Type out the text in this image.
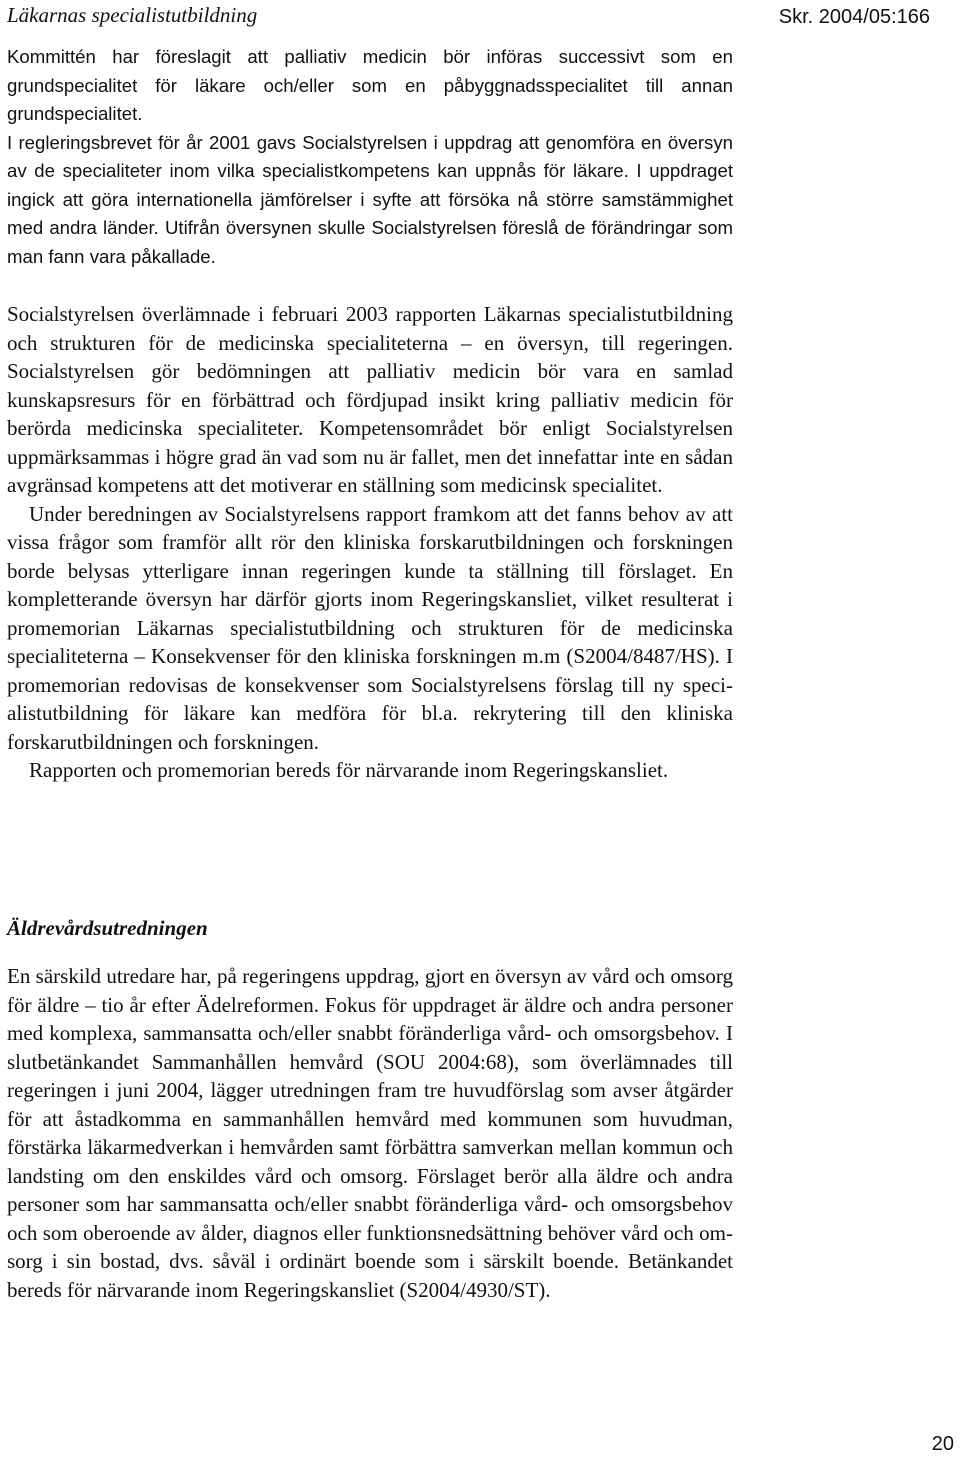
Läkarnas specialistutbildning	Skr. 2004/05:166

Kommittén har föreslagit att palliativ medicin bör införas successivt som en grundspecialitet för läkare och/eller som en påbyggnadsspecialitet till annan grundspecialitet.

I regleringsbrevet för år 2001 gavs Socialstyrelsen i uppdrag att genomföra en översyn av de specialiteter inom vilka specialistkompetens kan uppnås för läkare. I uppdraget ingick att göra internationella jämförelser i syfte att försöka nå större samstämmighet med andra länder. Utifrån översynen skulle Socialstyrelsen föreslå de förändringar som man fann vara påkallade.

Socialstyrelsen överlämnade i februari 2003 rapporten Läkarnas specialistutbildning och strukturen för de medicinska specialiteterna – en översyn, till regeringen. Socialstyrelsen gör bedömningen att palliativ medicin bör vara en samlad kunskapsresurs för en förbättrad och fördjupad insikt kring palliativ medicin för berörda medicinska specialiteter. Kompetensområdet bör enligt Socialstyrelsen uppmärksammas i högre grad än vad som nu är fallet, men det innefattar inte en sådan avgränsad kompetens att det motiverar en ställning som medicinsk specialitet.

Under beredningen av Socialstyrelsens rapport framkom att det fanns behov av att vissa frågor som framför allt rör den kliniska forskarutbildningen och forskningen borde belysas ytterligare innan regeringen kunde ta ställning till förslaget. En kompletterande översyn har därför gjorts inom Regeringskansliet, vilket resulterat i promemorian Läkarnas specialistutbildning och strukturen för de medicinska specialiteterna – Konsekvenser för den kliniska forskningen m.m (S2004/8487/HS). I promemorian redovisas de konsekvenser som Socialstyrelsens förslag till ny specialistutbildning för läkare kan medföra för bl.a. rekrytering till den kliniska forskarutbildningen och forskningen.

Rapporten och promemorian bereds för närvarande inom Regeringskansliet.

Äldrevårdsutredningen

En särskild utredare har, på regeringens uppdrag, gjort en översyn av vård och omsorg för äldre – tio år efter Ädelreformen. Fokus för uppdraget är äldre och andra personer med komplexa, sammansatta och/eller snabbt föränderliga vård- och omsorgsbehov. I slutbetänkandet Sammanhållen hemvård (SOU 2004:68), som överlämnades till regeringen i juni 2004, lägger utredningen fram tre huvudförslag som avser åtgärder för att åstadkomma en sammanhållen hemvård med kommunen som huvudman, förstärka läkarmedverkan i hemvården samt förbättra samverkan mellan kommun och landsting om den enskildes vård och omsorg. Förslaget berör alla äldre och andra personer som har sammansatta och/eller snabbt föränderliga vård- och omsorgsbehov och som oberoende av ålder, diagnos eller funktionsnedsättning behöver vård och omsorg i sin bostad, dvs. såväl i ordinärt boende som i särskilt boende. Betänkandet bereds för närvarande inom Regeringskansliet (S2004/4930/ST).

20
